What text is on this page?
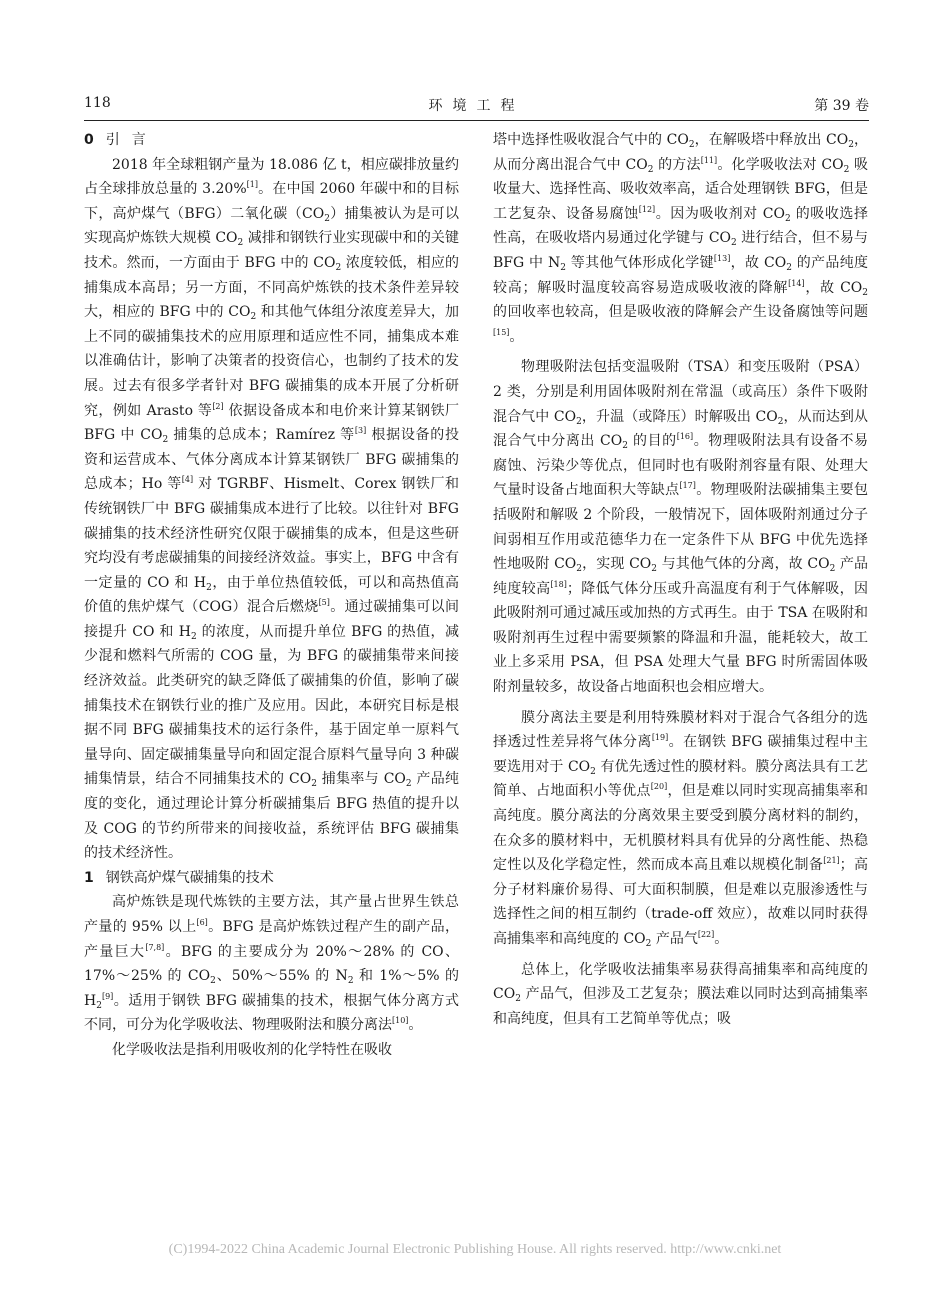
118	环境工程	第 39 卷

0 引言

2018 年全球粗钢产量为 18.086 亿 t，相应碳排放量约占全球排放总量的 3.20%[1]。在中国 2060 年碳中和的目标下，高炉煤气（BFG）二氧化碳$(CO_2)$捕集被认为是可以实现高炉炼铁大规模 $CO_2$ 减排和钢铁行业实现碳中和的关键技术。然而，一方面由于 BFG 中的 $CO_2$ 浓度较低，相应的捕集成本高昂；另一方面，不同高炉炼铁的技术条件差异较大，相应的 BFG 中的 $CO_2$ 和其他气体组分浓度差异大，加上不同的碳捕集技术的应用原理和适应性不同，捕集成本难以准确估计，影响了决策者的投资信心，也制约了技术的发展。过去有很多学者针对 BFG 碳捕集的成本开展了分析研究，例如 Arasto 等[2] 依据设备成本和电价来计算某钢铁厂 BFG 中 $CO_2$ 捕集的总成本；Ramírez 等[3] 根据设备的投资和运营成本、气体分离成本计算某钢铁厂 BFG 碳捕集的总成本；Ho 等[4] 对 TGRBF、Hismelt、Corex 钢铁厂和传统钢铁厂中 BFG 碳捕集成本进行了比较。以往针对 BFG 碳捕集的技术经济性研究仅限于碳捕集的成本，但是这些研究均没有考虑碳捕集的间接经济效益。事实上，BFG 中含有一定量的 CO 和 $H_2$，由于单位热值较低，可以和高热值高价值的焦炉煤气（COG）混合后燃烧[5]。通过碳捕集可以间接提升 CO 和 $H_2$ 的浓度，从而提升单位 BFG 的热值，减少混和燃料气所需的 COG 量，为 BFG 的碳捕集带来间接经济效益。此类研究的缺乏降低了碳捕集的价值，影响了碳捕集技术在钢铁行业的推广及应用。因此，本研究目标是根据不同 BFG 碳捕集技术的运行条件，基于固定单一原料气量导向、固定碳捕集量导向和固定混合原料气量导向 3 种碳捕集情景，结合不同捕集技术的 $CO_2$ 捕集率与 $CO_2$ 产品纯度的变化，通过理论计算分析碳捕集后 BFG 热值的提升以及 COG 的节约所带来的间接收益，系统评估 BFG 碳捕集的技术经济性。

1 钢铁高炉煤气碳捕集的技术

高炉炼铁是现代炼铁的主要方法，其产量占世界生铁总产量的 95% 以上[6]。BFG 是高炉炼铁过程产生的副产品，产量巨大[7,8]。BFG 的主要成分为 20%～28% 的 CO、17%～25% 的 $CO_2$、50%～55% 的 $N_2$ 和 1%～5% 的 $H_2[9]$。适用于钢铁 BFG 碳捕集的技术，根据气体分离方式不同，可分为化学吸收法、物理吸附法和膜分离法[10]。

化学吸收法是指利用吸收剂的化学特性在吸收

塔中选择性吸收混合气中的 $CO_2$，在解吸塔中释放出 $CO_2$，从而分离出混合气中 $CO_2$ 的方法[11]。化学吸收法对 $CO_2$ 吸收量大、选择性高、吸收效率高，适合处理钢铁 BFG，但是工艺复杂、设备易腐蚀[12]。因为吸收剂对 $CO_2$ 的吸收选择性高，在吸收塔内易通过化学键与 $CO_2$ 进行结合，但不易与 BFG 中 $N_2$ 等其他气体形成化学键[13]，故 $CO_2$ 的产品纯度较高；解吸时温度较高容易造成吸收液的降解[14]，故 $CO_2$ 的回收率也较高，但是吸收液的降解会产生设备腐蚀等问题[15]。

物理吸附法包括变温吸附（TSA）和变压吸附（PSA）2 类，分别是利用固体吸附剂在常温（或高压）条件下吸附混合气中 $CO_2$，升温（或降压）时解吸出 $CO_2$，从而达到从混合气中分离出 $CO_2$ 的目的[16]。物理吸附法具有设备不易腐蚀、污染少等优点，但同时也有吸附剂容量有限、处理大气量时设备占地面积大等缺点[17]。物理吸附法碳捕集主要包括吸附和解吸 2 个阶段，一般情况下，固体吸附剂通过分子间弱相互作用或范德华力在一定条件下从 BFG 中优先选择性地吸附 $CO_2$，实现 $CO_2$ 与其他气体的分离，故 $CO_2$ 产品纯度较高[18]；降低气体分压或升高温度有利于气体解吸，因此吸附剂可通过减压或加热的方式再生。由于 TSA 在吸附和吸附剂再生过程中需要频繁的降温和升温，能耗较大，故工业上多采用 PSA，但 PSA 处理大气量 BFG 时所需固体吸附剂量较多，故设备占地面积也会相应增大。

膜分离法主要是利用特殊膜材料对于混合气各组分的选择透过性差异将气体分离[19]。在钢铁 BFG 碳捕集过程中主要选用对于 $CO_2$ 有优先透过性的膜材料。膜分离法具有工艺简单、占地面积小等优点[20]，但是难以同时实现高捕集率和高纯度。膜分离法的分离效果主要受到膜分离材料的制约，在众多的膜材料中，无机膜材料具有优异的分离性能、热稳定性以及化学稳定性，然而成本高且难以规模化制备[21]；高分子材料廉价易得、可大面积制膜，但是难以克服渗透性与选择性之间的相互制约（trade-off 效应），故难以同时获得高捕集率和高纯度的 $CO_2$ 产品气[22]。

总体上，化学吸收法捕集率易获得高捕集率和高纯度的 $CO_2$ 产品气，但涉及工艺复杂；膜法难以同时达到高捕集率和高纯度，但具有工艺简单等优点；吸

(C)1994-2022 China Academic Journal Electronic Publishing House. All rights reserved. http://www.cnki.net
